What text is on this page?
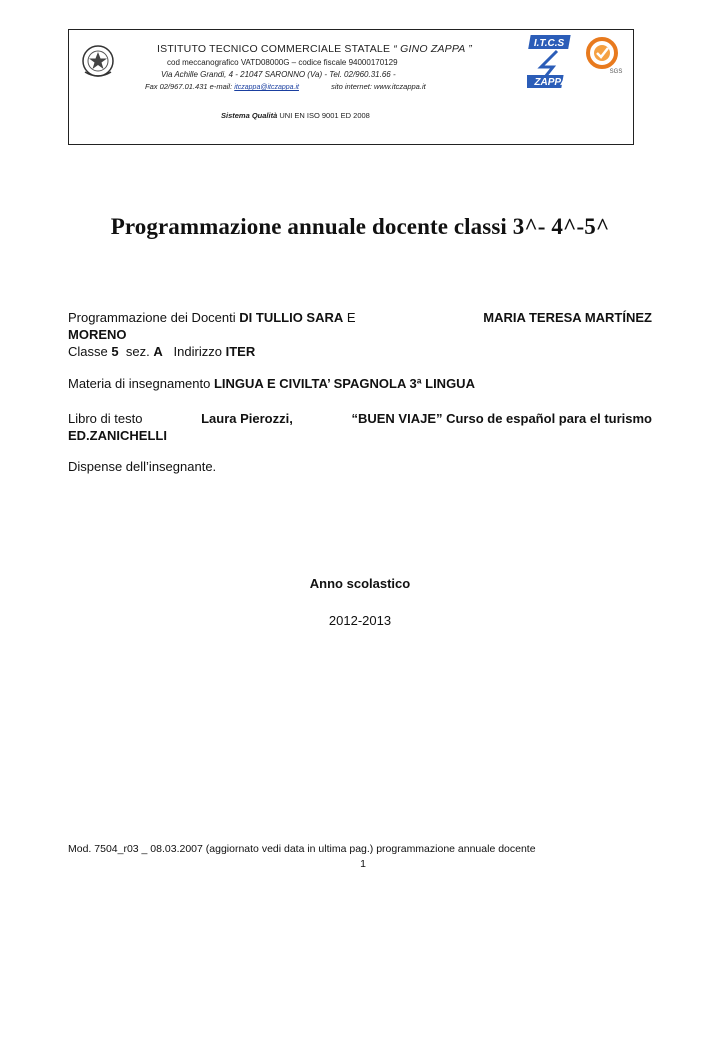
ISTITUTO TECNICO COMMERCIALE STATALE “ GINO ZAPPA ”
cod meccanografico VATD08000G – codice fiscale 94000170129
Via Achille Grandi, 4 - 21047 SARONNO (Va) - Tel. 02/960.31.66 -
Fax 02/967.01.431 e-mail: itczappa@itczappa.it	sito internet: www.itczappa.it
Sistema Qualità UNI EN ISO 9001 ED 2008
I.T.C.S
ZAPPA
SGS
Programmazione annuale docente classi 3^- 4^-5^
Programmazione dei Docenti DI TULLIO SARA E	MARIA TERESA MARTÍNEZ
MORENO
Classe 5 sez. A Indirizzo ITER
Materia di insegnamento LINGUA E CIVILTA’ SPAGNOLA 3ª LINGUA
Libro di testo	Laura Pierozzi,	“BUEN VIAJE” Curso de español para el turismo
ED.ZANICHELLI
Dispense dell’insegnante.
Anno scolastico
2012-2013
Mod. 7504_r03 _ 08.03.2007 (aggiornato vedi data in ultima pag.) programmazione annuale docente
1
